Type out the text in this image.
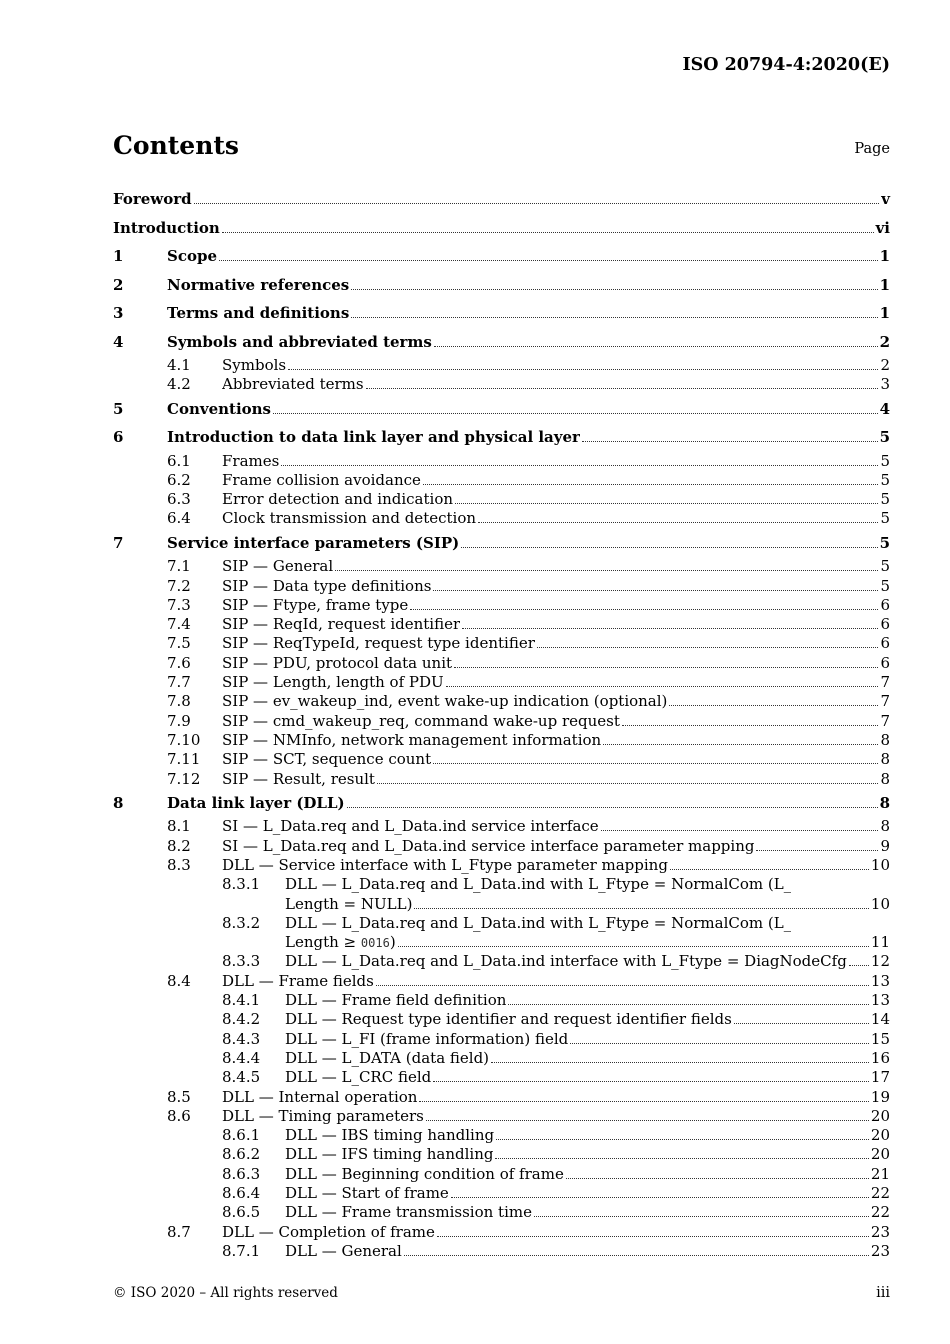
ISO 20794-4:2020(E)
Contents	Page
Foreword	v
Introduction	vi
1	Scope	1
2	Normative references	1
3	Terms and definitions	1
4	Symbols and abbreviated terms	2
4.1	Symbols	2
4.2	Abbreviated terms	3
5	Conventions	4
6	Introduction to data link layer and physical layer	5
6.1	Frames	5
6.2	Frame collision avoidance	5
6.3	Error detection and indication	5
6.4	Clock transmission and detection	5
7	Service interface parameters (SIP)	5
7.1	SIP — General	5
7.2	SIP — Data type definitions	5
7.3	SIP — Ftype, frame type	6
7.4	SIP — ReqId, request identifier	6
7.5	SIP — ReqTypeId, request type identifier	6
7.6	SIP — PDU, protocol data unit	6
7.7	SIP — Length, length of PDU	7
7.8	SIP — ev_wakeup_ind, event wake-up indication (optional)	7
7.9	SIP — cmd_wakeup_req, command wake-up request	7
7.10	SIP — NMInfo, network management information	8
7.11	SIP — SCT, sequence count	8
7.12	SIP — Result, result	8
8	Data link layer (DLL)	8
8.1	SI — L_Data.req and L_Data.ind service interface	8
8.2	SI — L_Data.req and L_Data.ind service interface parameter mapping	9
8.3	DLL — Service interface with L_Ftype parameter mapping	10
8.3.1	DLL — L_Data.req and L_Data.ind with L_Ftype = NormalCom (L_
Length = NULL)	10
8.3.2	DLL — L_Data.req and L_Data.ind with L_Ftype = NormalCom (L_
Length ≥ 0016)	11
8.3.3	DLL — L_Data.req and L_Data.ind interface with L_Ftype = DiagNodeCfg 12
8.4	DLL — Frame fields	13
8.4.1	DLL — Frame field definition	13
8.4.2	DLL — Request type identifier and request identifier fields	14
8.4.3	DLL — L_FI (frame information) field	15
8.4.4	DLL — L_DATA (data field)	16
8.4.5	DLL — L_CRC field	17
8.5	DLL — Internal operation	19
8.6	DLL — Timing parameters	20
8.6.1	DLL — IBS timing handling	20
8.6.2	DLL — IFS timing handling	20
8.6.3	DLL — Beginning condition of frame	21
8.6.4	DLL — Start of frame	22
8.6.5	DLL — Frame transmission time	22
8.7	DLL — Completion of frame	23
8.7.1	DLL — General	23
© ISO 2020 – All rights reserved	iii
